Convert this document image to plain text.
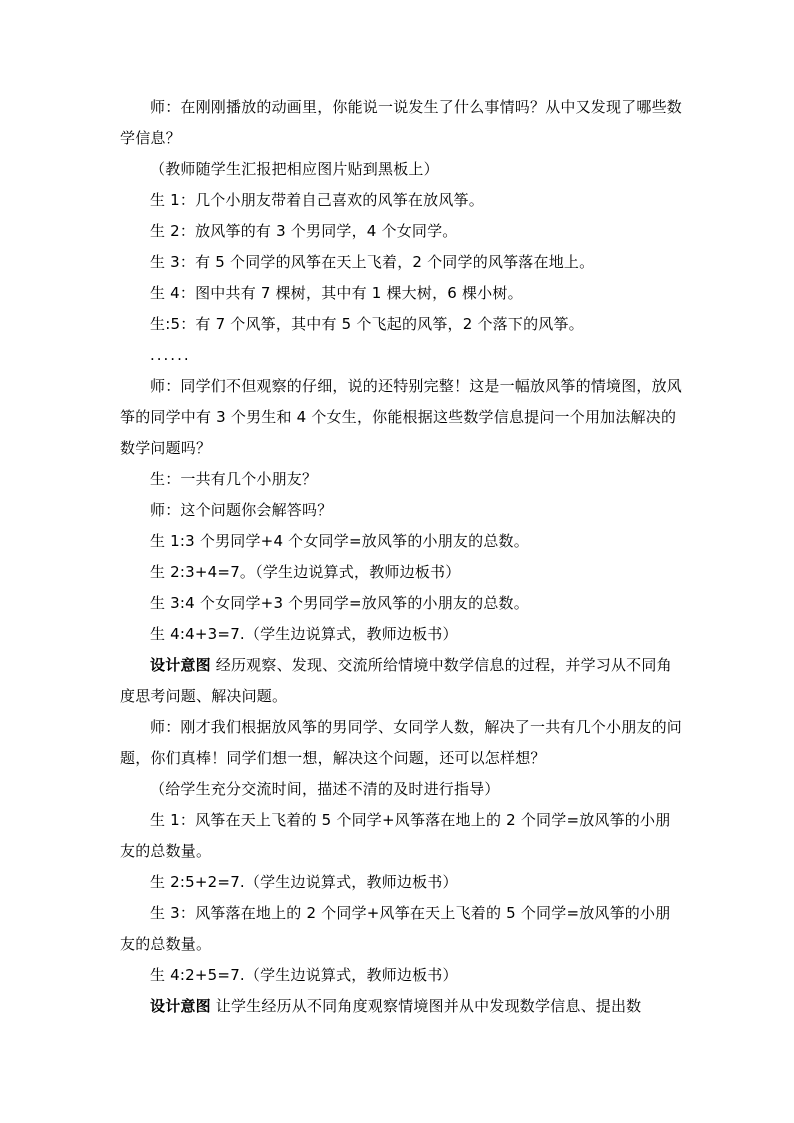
师：在刚刚播放的动画里，你能说一说发生了什么事情吗？从中又发现了哪些数学信息？

（教师随学生汇报把相应图片贴到黑板上）

生 1：几个小朋友带着自己喜欢的风筝在放风筝。

生 2：放风筝的有 3 个男同学，4 个女同学。

生 3：有 5 个同学的风筝在天上飞着，2 个同学的风筝落在地上。

生 4：图中共有 7 棵树，其中有 1 棵大树，6 棵小树。

生:5：有 7 个风筝，其中有 5 个飞起的风筝，2 个落下的风筝。

......

师：同学们不但观察的仔细，说的还特别完整！这是一幅放风筝的情境图，放风筝的同学中有 3 个男生和 4 个女生，你能根据这些数学信息提问一个用加法解决的数学问题吗？

生：一共有几个小朋友？

师：这个问题你会解答吗？

生 1:3 个男同学+4 个女同学=放风筝的小朋友的总数。

生 2:3+4=7。（学生边说算式，教师边板书）

生 3:4 个女同学+3 个男同学=放风筝的小朋友的总数。

生 4:4+3=7.（学生边说算式，教师边板书）

设计意图 经历观察、发现、交流所给情境中数学信息的过程，并学习从不同角度思考问题、解决问题。

师：刚才我们根据放风筝的男同学、女同学人数，解决了一共有几个小朋友的问题，你们真棒！同学们想一想，解决这个问题，还可以怎样想？

（给学生充分交流时间，描述不清的及时进行指导）

生 1：风筝在天上飞着的 5 个同学+风筝落在地上的 2 个同学=放风筝的小朋友的总数量。

生 2:5+2=7.（学生边说算式，教师边板书）

生 3：风筝落在地上的 2 个同学+风筝在天上飞着的 5 个同学=放风筝的小朋友的总数量。

生 4:2+5=7.（学生边说算式，教师边板书）

设计意图 让学生经历从不同角度观察情境图并从中发现数学信息、提出数
